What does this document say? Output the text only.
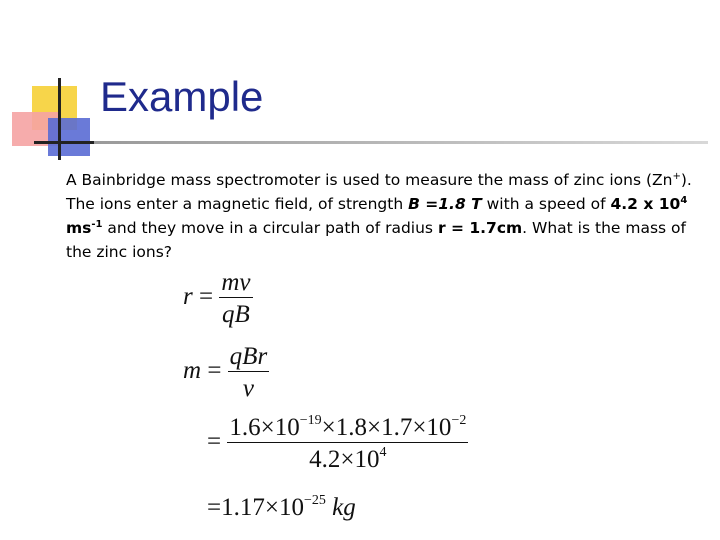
Example

A Bainbridge mass spectromoter is used to measure the mass of zinc ions (Zn+). The ions enter a magnetic field, of strength B =1.8 T with a speed of 4.2 x $10^4$ $ms^{-1}$ and they move in a circular path of radius r = 1.7cm. What is the mass of the zinc ions?

$r = \frac{mv}{qB}$
$m = \frac{\text{qBr}}{v}$
= $\frac{1.6\times 10^{-19}\times 1.8\times 1.7\times 10^{-2}}{4.2\times 10^4}$
$=1.17\times 10^{-25}$ kg
